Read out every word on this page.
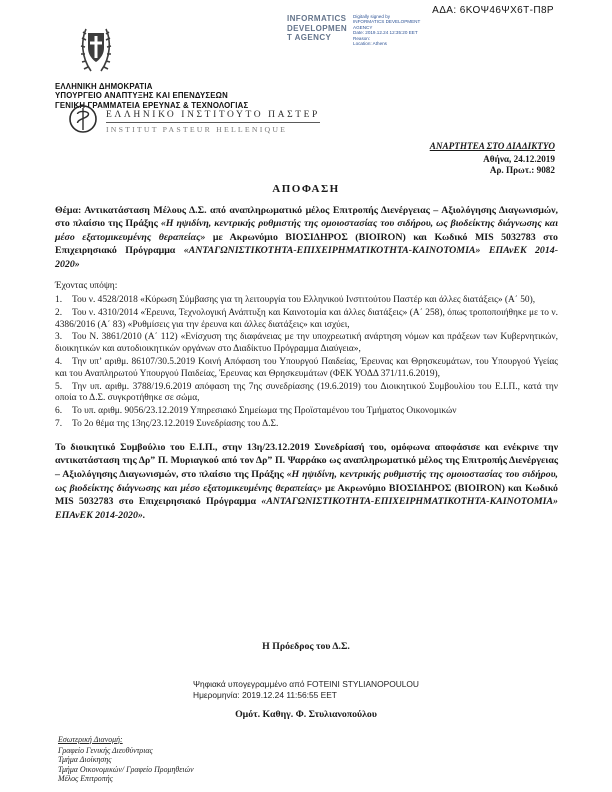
ΑΔΑ: 6ΚΟΨ46ΨΧ6Τ-Π8Ρ
INFORMATICS
DEVELOPMEN
T AGENCY
Digitally signed by
INFORMATICS DEVELOPMENT
AGENCY
Date: 2019.12.24 12:35:20 EET
Reason:
Location: Athens
ΕΛΛΗΝΙΚΗ ΔΗΜΟΚΡΑΤΙΑ
ΥΠΟΥΡΓΕΙΟ ΑΝΑΠΤΥΞΗΣ ΚΑΙ ΕΠΕΝΔΥΣΕΩΝ
ΓΕΝΙΚΗ ΓΡΑΜΜΑΤΕΙΑ ΕΡΕΥΝΑΣ & ΤΕΧΝΟΛΟΓΙΑΣ
ΕΛΛΗΝΙΚΟ ΙΝΣΤΙΤΟΥΤΟ ΠΑΣΤΕΡ
INSTITUT PASTEUR HELLENIQUE
ΑΝΑΡΤΗΤΕΑ ΣΤΟ ΔΙΑΔΙΚΤΥΟ
Αθήνα, 24.12.2019
Αρ. Πρωτ.: 9082
ΑΠΟΦΑΣΗ

Θέμα: Αντικατάσταση Μέλους Δ.Σ. από αναπληρωματικό μέλος Επιτροπής Διενέργειας – Αξιολόγησης Διαγωνισμών, στο πλαίσιο της Πράξης «Η ηψιδίνη, κεντρικής ρυθμιστής της ομοιοστασίας του σιδήρου, ως βιοδείκτης διάγνωσης και μέσο εξατομικευμένης θεραπείας» με Ακρωνύμιο ΒΙΟΣΙΔΗΡΟΣ (BIOIRON) και Κωδικό MIS 5032783 στο Επιχειρησιακό Πρόγραμμα «ΑΝΤΑΓΩΝΙΣΤΙΚΟΤΗΤΑ-ΕΠΙΧΕΙΡΗΜΑΤΙΚΟΤΗΤΑ-ΚΑΙΝΟΤΟΜΙΑ» ΕΠΑνΕΚ 2014-2020»

Έχοντας υπόψη:

1. Του ν. 4528/2018 «Κύρωση Σύμβασης για τη λειτουργία του Ελληνικού Ινστιτούτου Παστέρ και άλλες διατάξεις» (Α΄ 50),
2. Του ν. 4310/2014 «Έρευνα, Τεχνολογική Ανάπτυξη και Καινοτομία και άλλες διατάξεις» (Α΄ 258), όπως τροποποιήθηκε με το ν. 4386/2016 (Α΄ 83) «Ρυθμίσεις για την έρευνα και άλλες διατάξεις» και ισχύει,
3. Του Ν. 3861/2010 (Α΄ 112) «Ενίσχυση της διαφάνειας με την υποχρεωτική ανάρτηση νόμων και πράξεων των Κυβερνητικών, διοικητικών και αυτοδιοικητικών οργάνων στο Διαδίκτυο Πρόγραμμα Διαύγεια»,
4. Την υπ’ αριθμ. 86107/30.5.2019 Κοινή Απόφαση του Υπουργού Παιδείας, Έρευνας και Θρησκευμάτων, του Υπουργού Υγείας και του Αναπληρωτού Υπουργού Παιδείας, Έρευνας και Θρησκευμάτων (ΦΕΚ ΥΟΔΔ 371/11.6.2019),
5. Την υπ. αριθμ. 3788/19.6.2019 απόφαση της 7ης συνεδρίασης (19.6.2019) του Διοικητικού Συμβουλίου του Ε.Ι.Π., κατά την οποία το Δ.Σ. συγκροτήθηκε σε σώμα,
6. Το υπ. αριθμ. 9056/23.12.2019 Υπηρεσιακό Σημείωμα της Προϊσταμένου του Τμήματος Οικονομικών
7. Το 2ο θέμα της 13ης/23.12.2019 Συνεδρίασης του Δ.Σ.

Το διοικητικό Συμβούλιο του Ε.Ι.Π., στην 13η/23.12.2019 Συνεδρίασή του, ομόφωνα αποφάσισε και ενέκρινε την αντικατάσταση της Δρ” Π. Μυριαγκού από τον Δρ” Π. Ψαρράκο ως αναπληρωματικό μέλος της Επιτροπής Διενέργειας – Αξιολόγησης Διαγωνισμών, στο πλαίσιο της Πράξης «Η ηψιδίνη, κεντρικής ρυθμιστής της ομοιοστασίας του σιδήρου, ως βιοδείκτης διάγνωσης και μέσο εξατομικευμένης θεραπείας» με Ακρωνύμιο ΒΙΟΣΙΔΗΡΟΣ (BIOIRON) και Κωδικό MIS 5032783 στο Επιχειρησιακό Πρόγραμμα «ΑΝΤΑΓΩΝΙΣΤΙΚΟΤΗΤΑ-ΕΠΙΧΕΙΡΗΜΑΤΙΚΟΤΗΤΑ-ΚΑΙΝΟΤΟΜΙΑ» ΕΠΑνΕΚ 2014-2020».

Η Πρόεδρος του Δ.Σ.
Ψηφιακά υπογεγραμμένο από FOTEINI STYLIANOPOULOU
Ημερομηνία: 2019.12.24 11:56:55 EET
Ομότ. Καθηγ. Φ. Στυλιανοπούλου
Εσωτερική Διανομή:
Γραφείο Γενικής Διευθύντριας
Τμήμα Διοίκησης
Τμήμα Οικονομικών/ Γραφείο Προμηθειών
Μέλος Επιτροπής
